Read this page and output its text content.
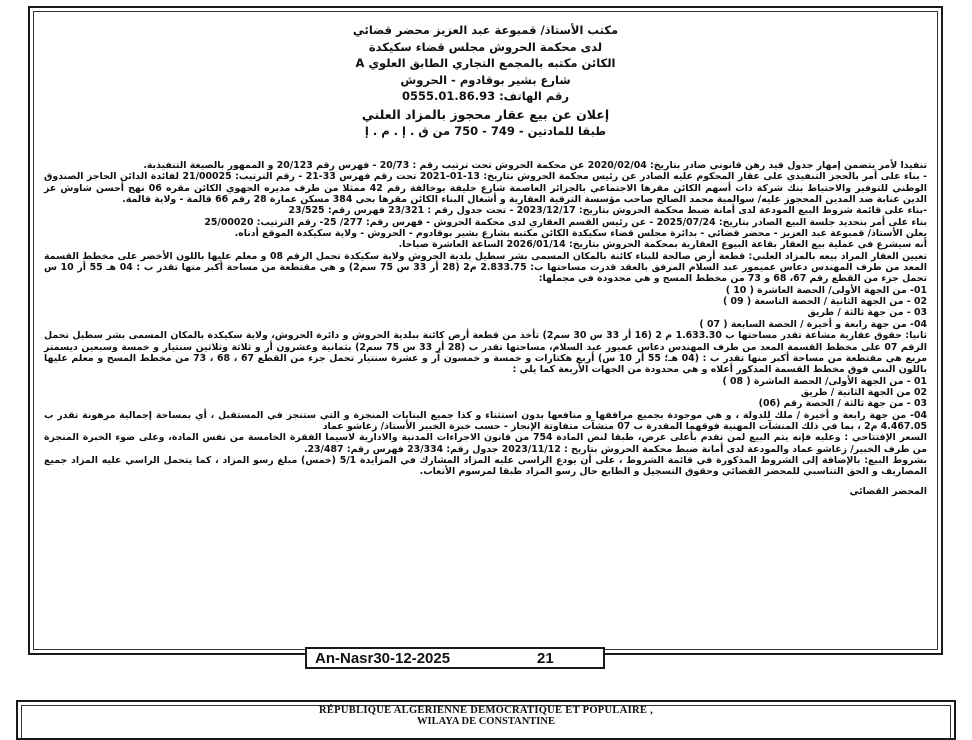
مكتب الأستاذ/ قمبوعة عبد العزيز محضر قضائي
لدى محكمة الحروش مجلس قضاء سكيكدة
الكائن مكتبه بالمجمع التجاري الطابق العلوي A
شارع بشير بوقادوم - الحروش
رقم الهاتف: 0555.01.86.93
إعلان عن بيع عقار محجوز بالمزاد العلني
طبقا للمادتين - 749 - 750 من ق . إ . م . إ

تنفيذا لأمر يتضمن إمهار جدول قيد رهن قانوني صادر بتاريخ: 2020/02/04 عن محكمة الحروش تحت ترتيب رقم : 20/73 - فهرس رقم 20/123 و الممهور بالصيغة التنفيذية.

- بناء على أمر بالحجز التنفيذي على عقار المحكوم عليه الصادر عن رئيس محكمة الحروش بتاريخ: 13-01-2021 تحت رقم فهرس 33-21 - رقم الترتيب: 21/00025 لفائدة الدائن الحاجز الصندوق الوطني للتوفير والاحتياط بنك شركة ذات أسهم الكائن مقرها الاجتماعي بالجزائر العاصمة شارع خليفة بوخالفة رقم 42 ممثلا من طرف مديره الجهوي الكائن مقره 06 نهج أحسن شاوش عز الدين عنابة ضد المدين المحجوز عليه/ سوالمية محمد الصالح صاحب مؤسسة الترقية العقارية و أشغال البناء الكائن مقرها بحي 384 مسكن عمارة 28 رقم 66 قالمة - ولاية قالمة.

-بناء على قائمة شروط البيع المودعة لدى أمانة ضبط محكمة الحروش بتاريخ: 2023/12/17 - تحت جدول رقم : 23/321 فهرس رقم: 23/525

بناء على أمر بتحديد جلسة البيع الصادر بتاريخ: 2025/07/24 - عن رئيس القسم العقاري لدى محكمة الحروش - فهرس رقم: 277/ 25- رقم الترتيب: 25/00020

يعلن الأستاذ/ قمبوعة عبد العزيز - محضر قضائي - بدائرة مجلس قضاء سكيكدة الكائن مكتبه بشارع بشير بوقادوم - الحروش - ولاية سكيكدة الموقع أدناه.

أنه سيشرع في عملية بيع العقار بقاعة البيوع العقارية بمحكمة الحروش بتاريخ: 2026/01/14 الساعة العاشرة صباحا.

تعيين العقار المراد بيعه بالمزاد العلني: قطعة أرض صالحة للبناء كائنة بالمكان المسمى بشر سطيل بلدية الحروش ولاية سكيكدة تحمل الرقم 08 و معلم عليها باللون الأخضر على مخطط القسمة المعد من طرف المهندس دعاس عميمور عبد السلام المرفق بالعقد قدرت مساحتها ب: 2.833.75 م2 (28 أر 33 س 75 سم2) و هي مقتطعة من مساحة أكبر منها تقدر ب : 04 هـ 55 أر 10 س تحمل جزء من القطع رقم 67، 68 و 73 من مخطط المسح و هي محدودة في مجملها:

01- من الجهة الأولى/ الحصة العاشرة ( 10 )

02 - من الجهة الثانية / الحصة التاسعة ( 09 )

03 - من جهة ثالثة / طريق

04- من جهة رابعة و أخيرة / الحصة السابعة ( 07 )

ثانيا: حقوق عقارية مشاعة تقدر مساحتها ب 1.633.30 م 2 (16 أر 33 س 30 سم2) تأخذ من قطعة أرض كائنة ببلدية الحروش و دائرة الحروش، ولاية سكيكدة بالمكان المسمى بشر سطيل تحمل الرقم 07 على مخطط القسمة المعد من طرف المهندس دعاس عميور عبد السلام، مساحتها تقدر ب (28 أر 33 س 75 سم2) بثمانية وعشرون أر و ثلاثة وثلاثين سنتيار و خمسة وسبعين ديسمتر مربع هي مقتطعة من مساحة أكبر منها تقدر ب : (04 هـ؛ 55 أر 10 س) أربع هكتارات و خمسة و خمسون آر و عشرة سنتيار تحمل جزء من القطع 67 ، 68 ، 73 من مخطط المسح و معلم عليها باللون البني فوق مخطط القسمة المذكور أعلاه و هي محدودة من الجهات الأربعة كما يلي :

01 - من الجهة الأولى/ الحصة العاشرة ( 08 )

02 من الجهة الثانية / طريق

03 - من جهة ثالثة / الحصة رقم (06)

04- من جهة رابعة و أخيرة / ملك للدولة ، و هي موجودة بجميع مرافقها و منافعها بدون استثناء و كذا جميع البنايات المنجزة و التي ستنجز في المستقبل ، أي بمساحة إجمالية مرهونة تقدر ب 4.467.05 م2 ، بما في ذلك المنشآت المهنية فوقهما المقدرة ب 07 منشآت متفاوتة الإنجاز - حسب خبرة الخبير الأستاذ/ زغاشو عماد

السعر الإفتتاحي : وعليه فإنه يتم البيع لمن تقدم بأعلى عرض، طبقا لنص المادة 754 من قانون الاجراءات المدنية والادارية لاسيما الفقرة الخامسة من نفس المادة، وعلى ضوء الخبرة المنجزة من طرف الخبير/ زغاشو عماد والمودعة لدى أمانة ضبط محكمة الحروش بتاريخ : 2023/11/12 جدول رقم: 23/334 فهرس رقم: 23/487.

بشروط البيع: بالإضافة إلى الشروط المذكورة في قائمة الشروط ، على أن يودع الراسي عليه المزاد المشارك في المزايدة 5/1 (خمس) مبلغ رسو المزاد ، كما يتحمل الراسي عليه المزاد جميع المصاريف و الحق التناسبي للمحضر القضائي وحقوق التسجيل و الطابع حال رسو المزاد طبقا لمرسوم الأتعاب.

المحضر القضائي

An-Nasr30-12-2025	21
RÉPUBLIQUE ALGERIENNE DEMOCRATIQUE ET POPULAIRE ,
WILAYA DE CONSTANTINE
